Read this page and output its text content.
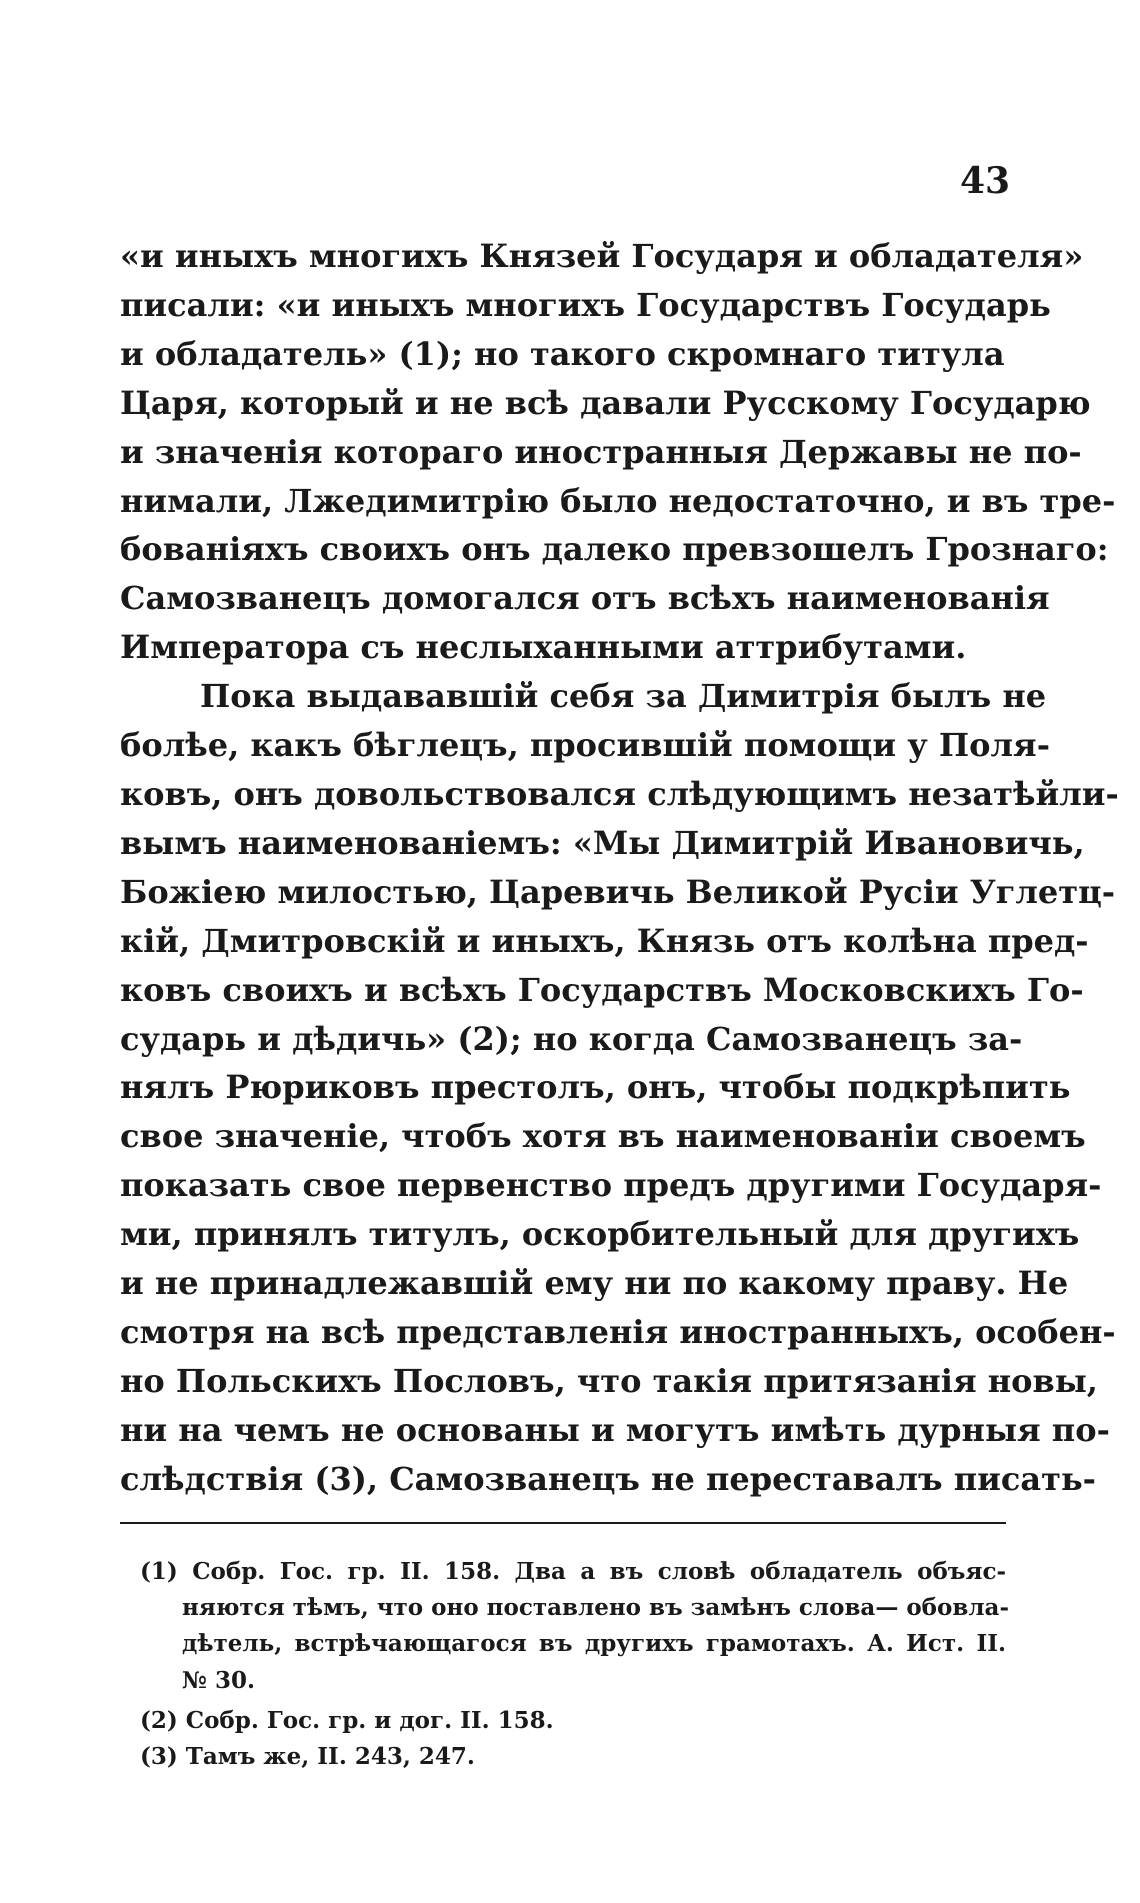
43
«и иныхъ многихъ Князей Государя и обладателя»
писали: «и иныхъ многихъ Государствъ Государь
и обладатель» (1); но такого скромнаго титула
Царя, который и не всѣ давали Русскому Государю
и значенія котораго иностранныя Державы не по-
нимали, Лжедимитрію было недостаточно, и въ тре-
бованіяхъ своихъ онъ далеко превзошелъ Грознаго:
Самозванецъ домогался отъ всѣхъ наименованія
Императора съ неслыханными аттрибутами.
Пока выдававшій себя за Димитрія былъ не
болѣе, какъ бѣглецъ, просившій помощи у Поля-
ковъ, онъ довольствовался слѣдующимъ незатѣйли-
вымъ наименованіемъ: «Мы Димитрій Ивановичь,
Божіею милостью, Царевичь Великой Русіи Углетц-
кій, Дмитровскій и иныхъ, Князь отъ колѣна пред-
ковъ своихъ и всѣхъ Государствъ Московскихъ Го-
сударь и дѣдичь» (2); но когда Самозванецъ за-
нялъ Рюриковъ престолъ, онъ, чтобы подкрѣпить
свое значеніе, чтобъ хотя въ наименованіи своемъ
показать свое первенство предъ другими Государя-
ми, принялъ титулъ, оскорбительный для другихъ
и не принадлежавшій ему ни по какому праву. Не
смотря на всѣ представленія иностранныхъ, особен-
но Польскихъ Пословъ, что такія притязанія новы,
ни на чемъ не основаны и могутъ имѣть дурныя по-
слѣдствія (3), Самозванецъ не переставалъ писать-
(1) Собр. Гос. гр. II. 158. Два а въ словѣ обладатель объяс-
няются тѣмъ, что оно поставлено въ замѣнъ слова— обовла-
дѣтель, встрѣчающагося въ другихъ грамотахъ. А. Ист. II.
№ 30.
(2) Собр. Гос. гр. и дог. II. 158.
(3) Тамъ же, II. 243, 247.
